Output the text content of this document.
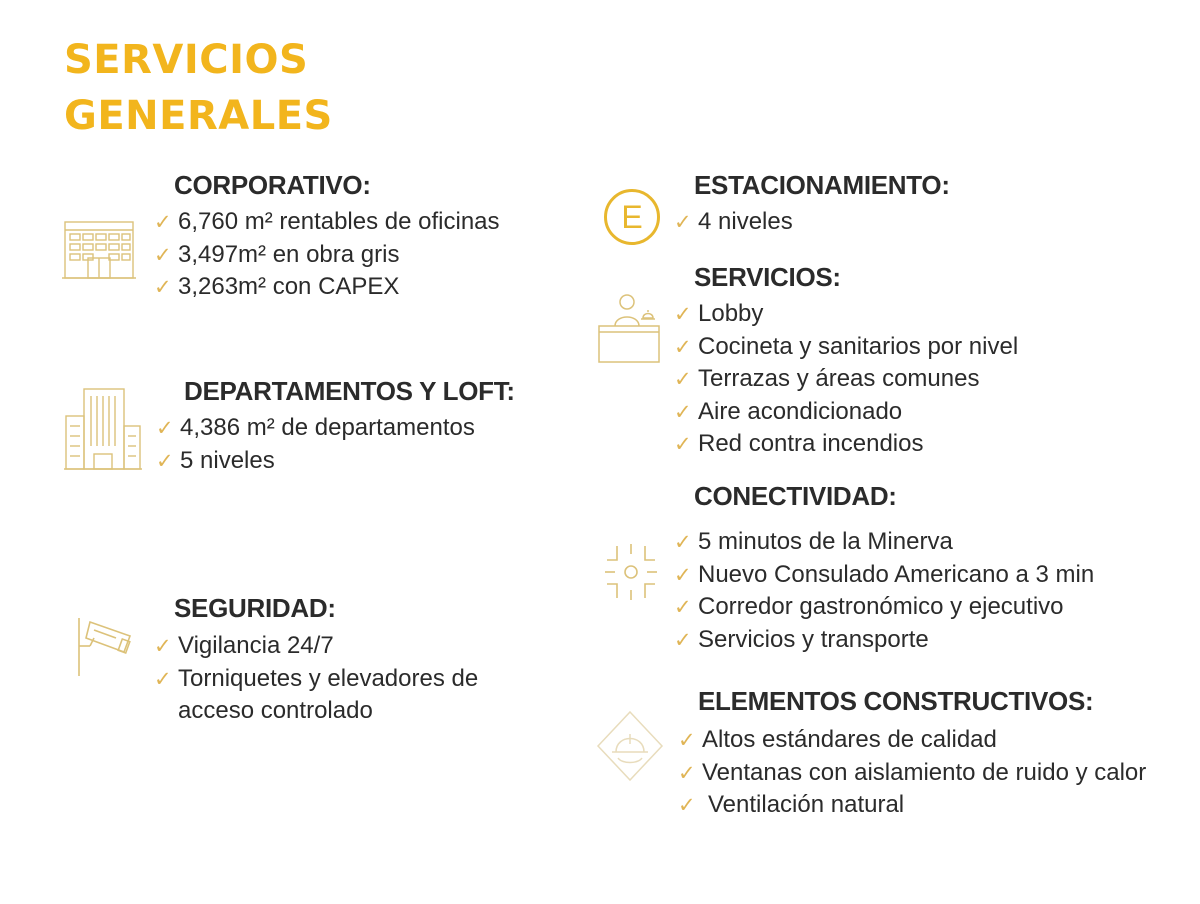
SERVICIOS
GENERALES
CORPORATIVO:
✓ 6,760 m² rentables de oficinas
✓ 3,497m² en obra gris
✓ 3,263m² con CAPEX
DEPARTAMENTOS Y LOFT:
✓ 4,386 m² de departamentos
✓ 5 niveles
SEGURIDAD:
✓ Vigilancia 24/7
✓ Torniquetes y elevadores de
acceso controlado
E
ESTACIONAMIENTO:
✓ 4 niveles
SERVICIOS:
✓ Lobby
✓ Cocineta y sanitarios por nivel
✓ Terrazas y áreas comunes
✓ Aire acondicionado
✓ Red contra incendios
CONECTIVIDAD:
✓ 5 minutos de la Minerva
✓ Nuevo Consulado Americano a 3 min
✓ Corredor gastronómico y ejecutivo
✓ Servicios y transporte
ELEMENTOS CONSTRUCTIVOS:
✓ Altos estándares de calidad
✓ Ventanas con aislamiento de ruido y calor
✓ Ventilación natural
